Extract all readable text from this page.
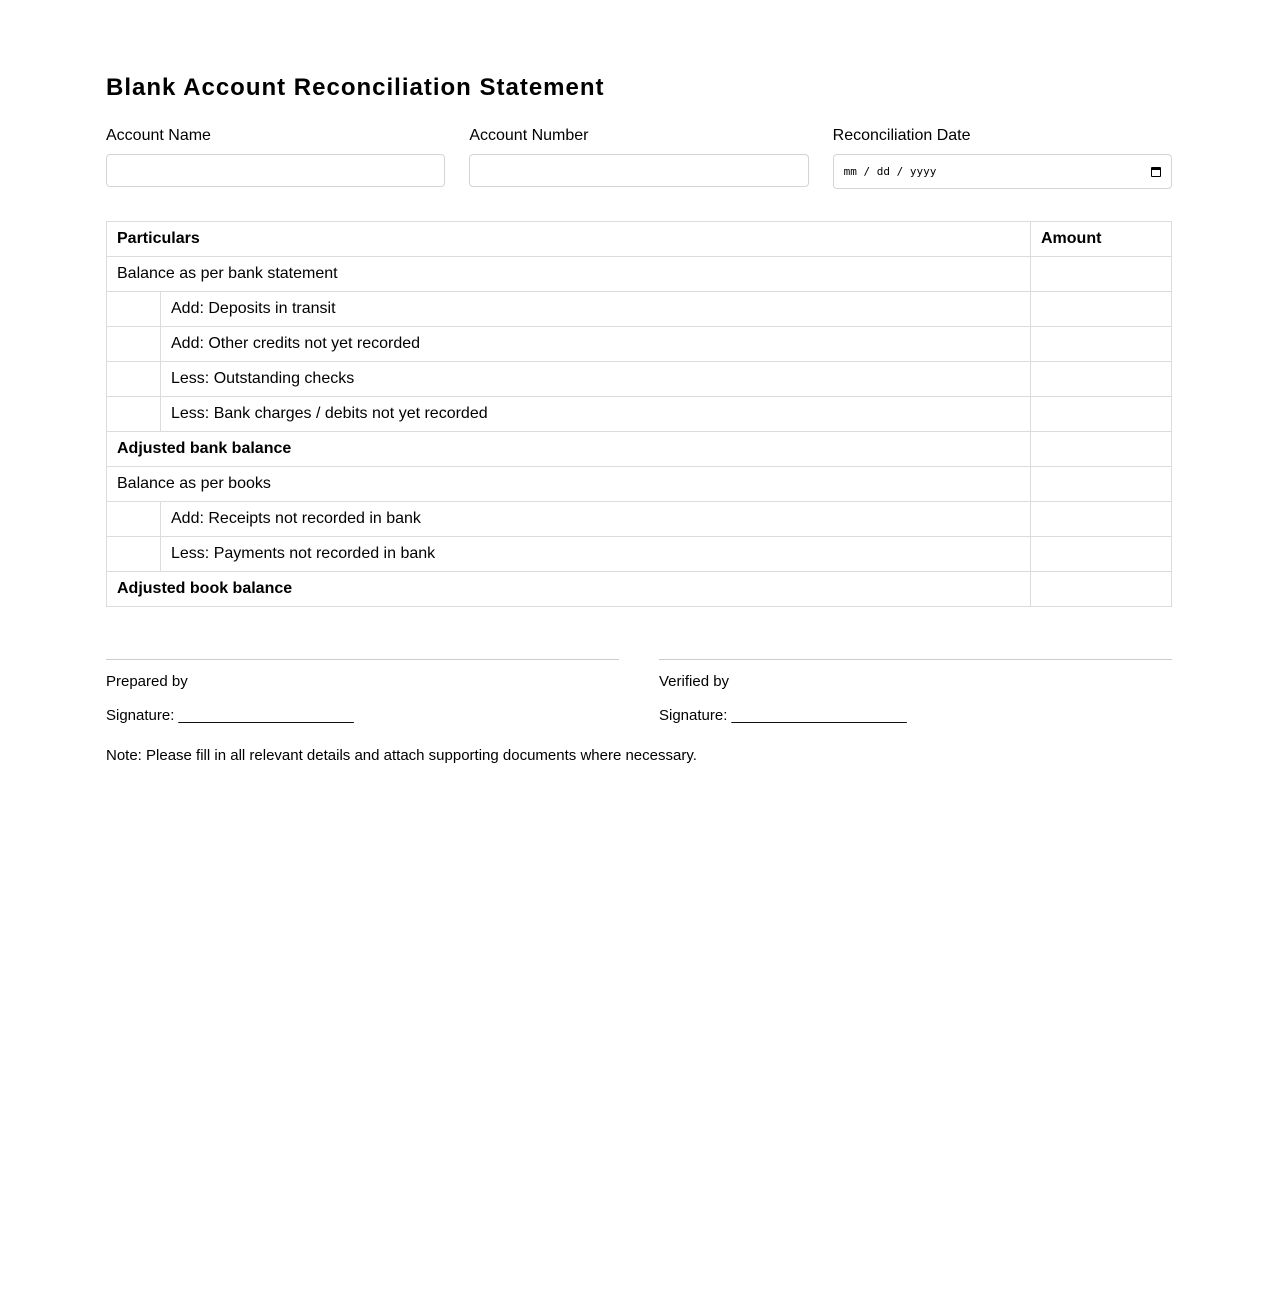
Blank Account Reconciliation Statement
Account Name	Account Number	Reconciliation Date
mm / dd / yyyy
Particulars		Amount
Balance as per bank statement		
	Add: Deposits in transit	
	Add: Other credits not yet recorded	
	Less: Outstanding checks	
	Less: Bank charges / debits not yet recorded	
Adjusted bank balance		
Balance as per books		
	Add: Receipts not recorded in bank	
	Less: Payments not recorded in bank	
Adjusted book balance		
Prepared by
Signature: _____________________
Verified by
Signature: _____________________
Note: Please fill in all relevant details and attach supporting documents where necessary.
